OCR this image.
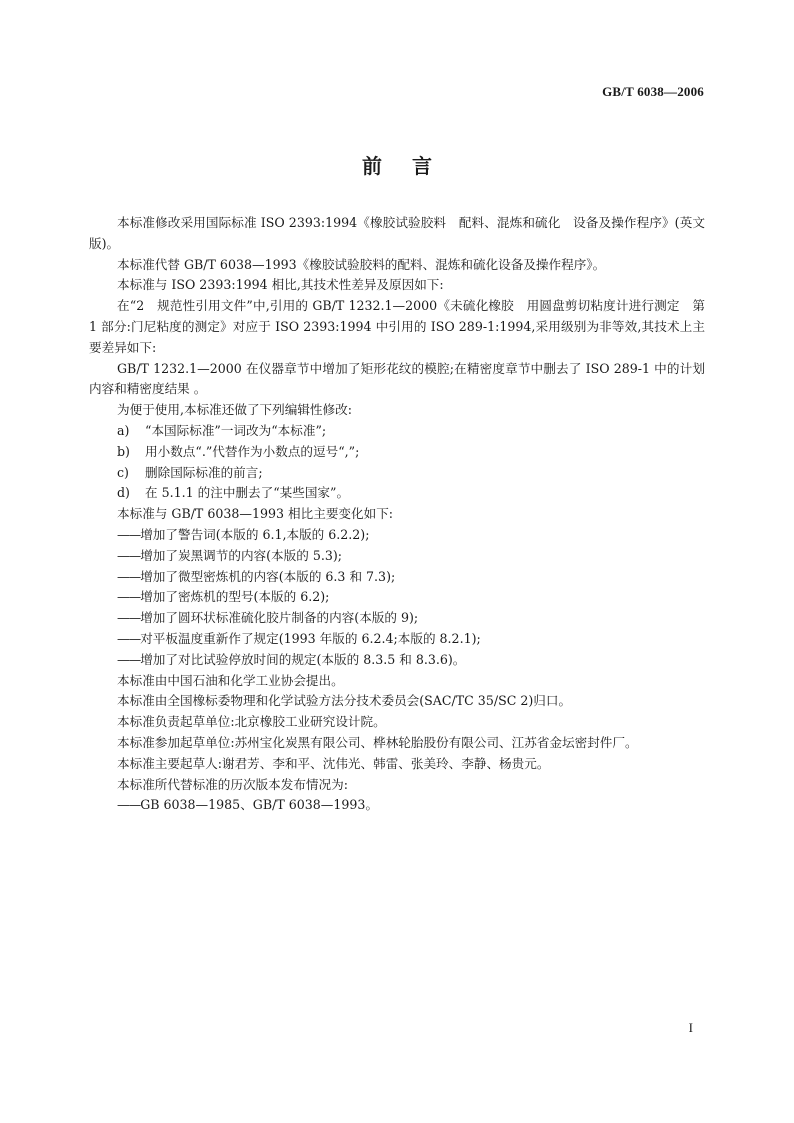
GB/T 6038—2006
前言

本标准修改采用国际标准 ISO 2393:1994《橡胶试验胶料　配料、混炼和硫化　设备及操作程序》(英文版)。

本标准代替 GB/T 6038—1993《橡胶试验胶料的配料、混炼和硫化设备及操作程序》。

本标准与 ISO 2393:1994 相比,其技术性差异及原因如下:

在“2　规范性引用文件”中,引用的 GB/T 1232.1—2000《未硫化橡胶　用圆盘剪切粘度计进行测定　第 1 部分:门尼粘度的测定》对应于 ISO 2393:1994 中引用的 ISO 289-1:1994,采用级别为非等效,其技术上主要差异如下:

GB/T 1232.1—2000 在仪器章节中增加了矩形花纹的模腔;在精密度章节中删去了 ISO 289-1 中的计划内容和精密度结果 。

为便于使用,本标准还做了下列编辑性修改:

a) “本国际标准”一词改为“本标准”;

b) 用小数点“.”代替作为小数点的逗号“,”;

c) 删除国际标准的前言;

d) 在 5.1.1 的注中删去了“某些国家”。

本标准与 GB/T 6038—1993 相比主要变化如下:

——增加了警告词(本版的 6.1,本版的 6.2.2);

——增加了炭黑调节的内容(本版的 5.3);

——增加了微型密炼机的内容(本版的 6.3 和 7.3);

——增加了密炼机的型号(本版的 6.2);

——增加了圆环状标准硫化胶片制备的内容(本版的 9);

——对平板温度重新作了规定(1993 年版的 6.2.4;本版的 8.2.1);

——增加了对比试验停放时间的规定(本版的 8.3.5 和 8.3.6)。

本标准由中国石油和化学工业协会提出。

本标准由全国橡标委物理和化学试验方法分技术委员会(SAC/TC 35/SC 2)归口。

本标准负责起草单位:北京橡胶工业研究设计院。

本标准参加起草单位:苏州宝化炭黑有限公司、桦林轮胎股份有限公司、江苏省金坛密封件厂。

本标准主要起草人:谢君芳、李和平、沈伟光、韩雷、张美玲、李静、杨贵元。

本标准所代替标准的历次版本发布情况为:

——GB 6038—1985、GB/T 6038—1993。

I
